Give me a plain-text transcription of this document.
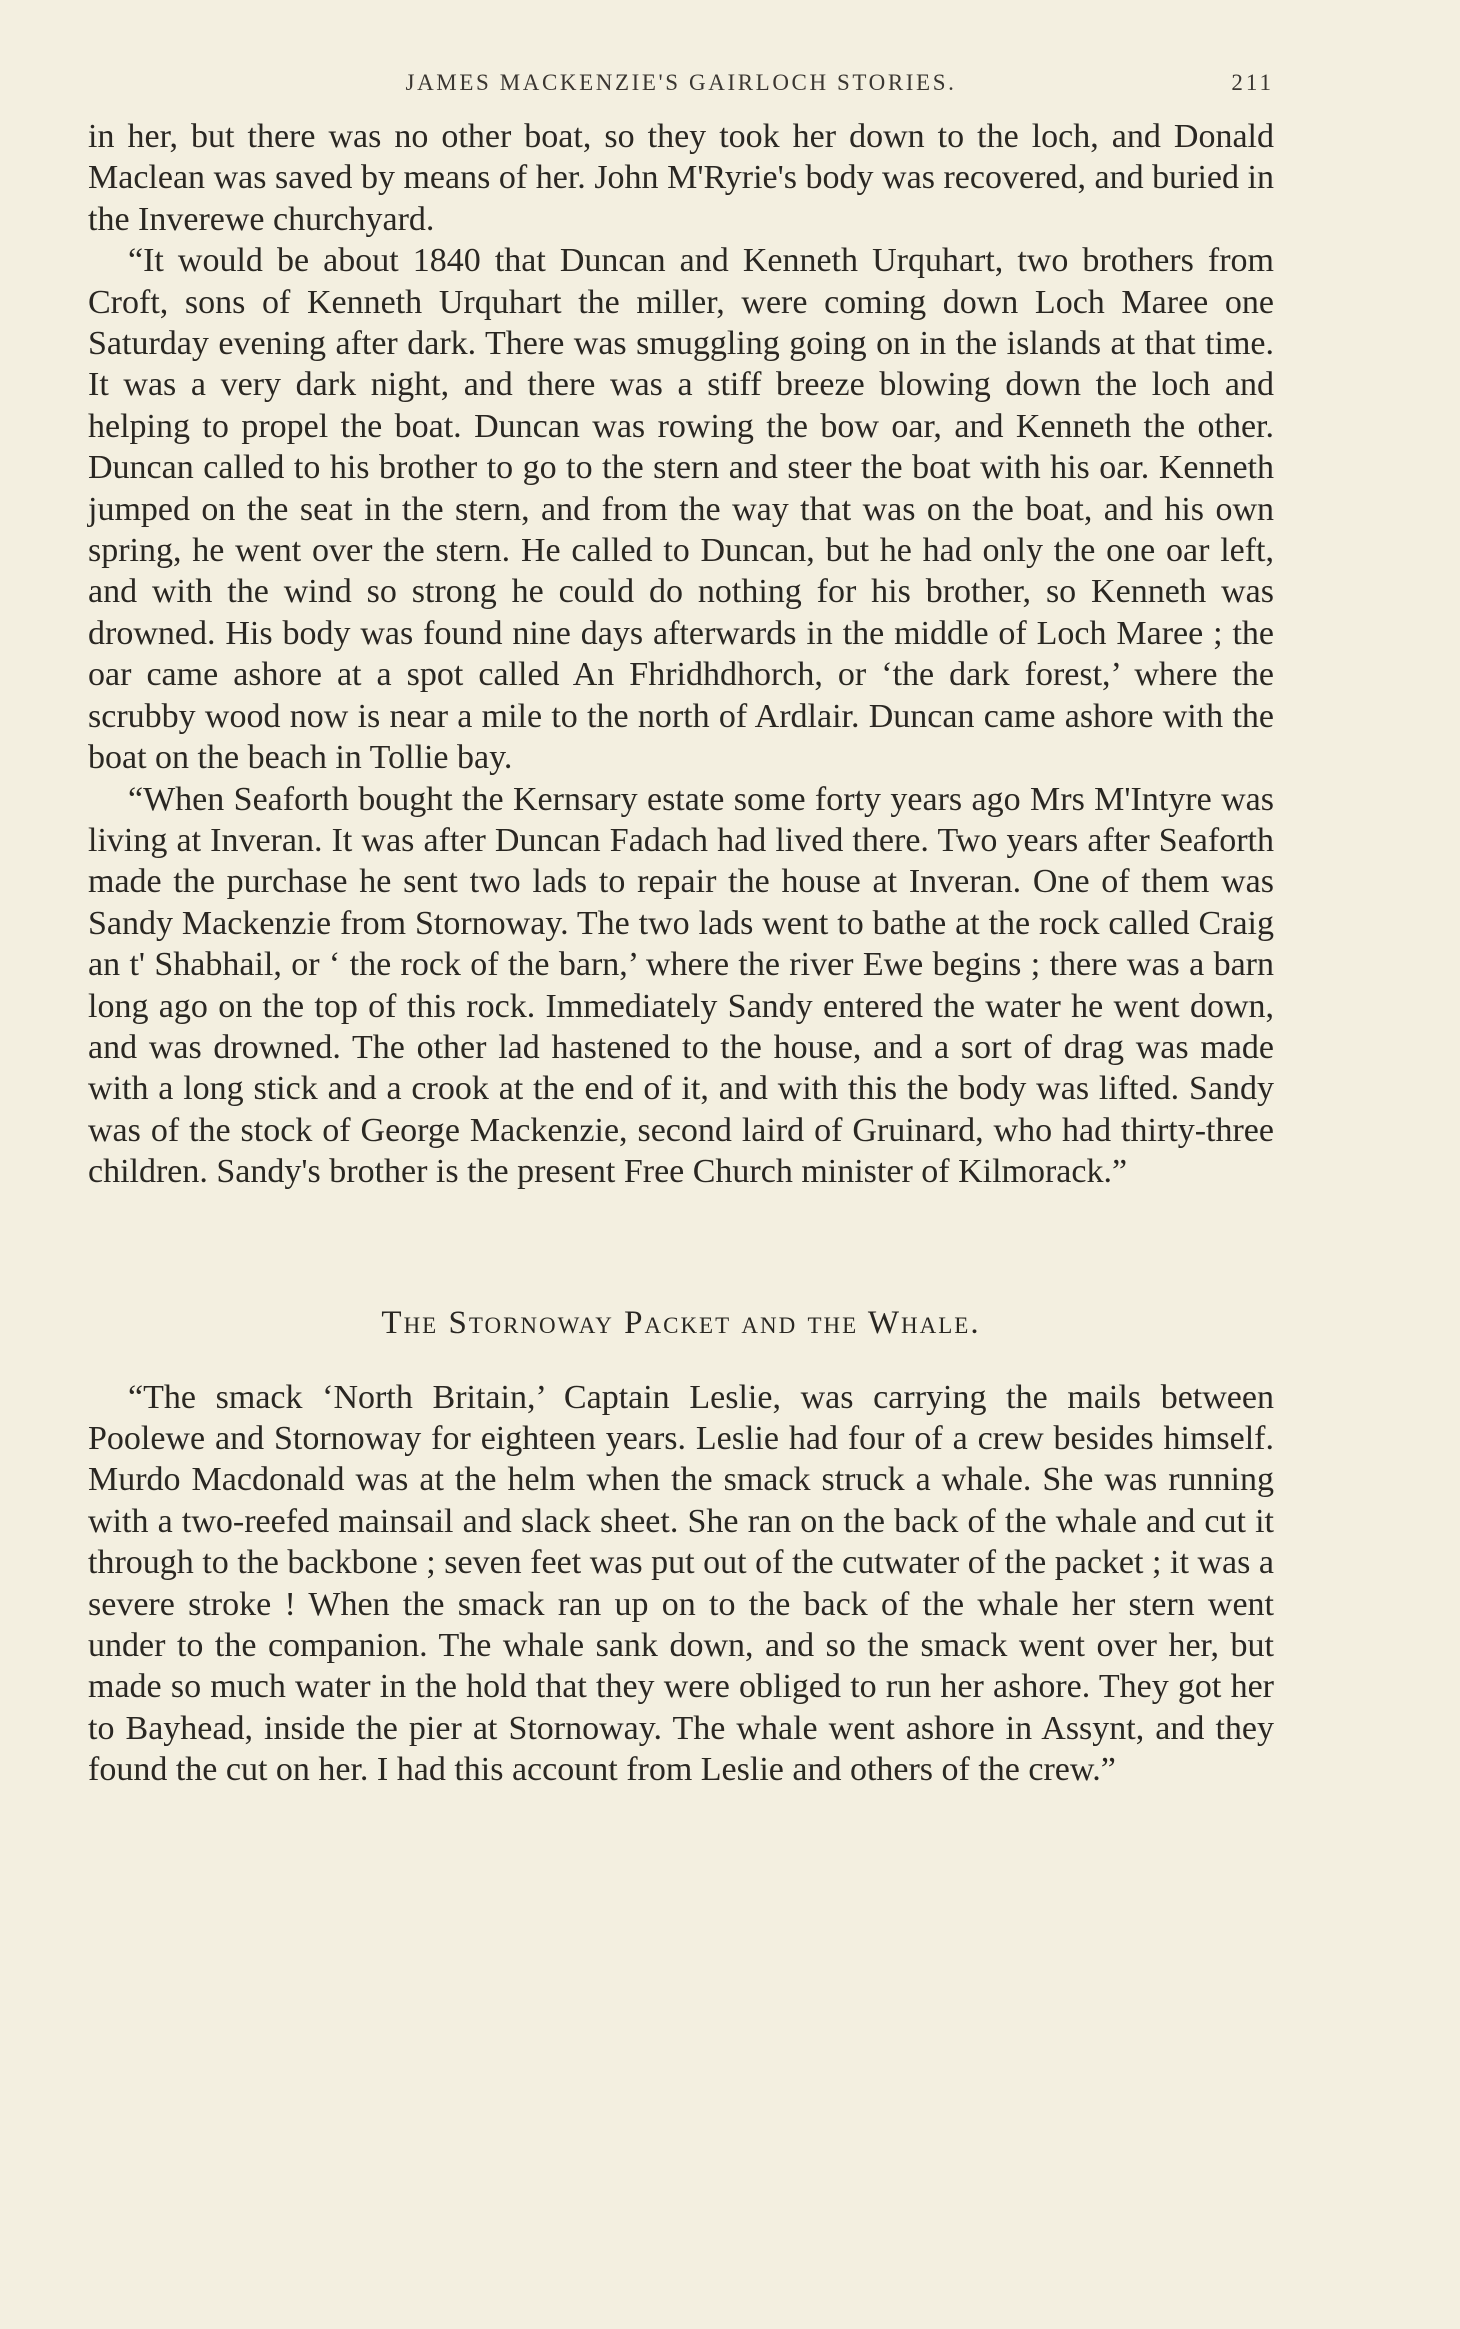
JAMES MACKENZIE'S GAIRLOCH STORIES.	211

in her, but there was no other boat, so they took her down to the loch, and Donald Maclean was saved by means of her. John M'Ryrie's body was recovered, and buried in the Inverewe churchyard.

“It would be about 1840 that Duncan and Kenneth Urquhart, two brothers from Croft, sons of Kenneth Urquhart the miller, were coming down Loch Maree one Saturday evening after dark. There was smuggling going on in the islands at that time. It was a very dark night, and there was a stiff breeze blowing down the loch and helping to propel the boat. Duncan was rowing the bow oar, and Kenneth the other. Duncan called to his brother to go to the stern and steer the boat with his oar. Kenneth jumped on the seat in the stern, and from the way that was on the boat, and his own spring, he went over the stern. He called to Duncan, but he had only the one oar left, and with the wind so strong he could do nothing for his brother, so Kenneth was drowned. His body was found nine days afterwards in the middle of Loch Maree ; the oar came ashore at a spot called An Fhridhdhorch, or ‘the dark forest,’ where the scrubby wood now is near a mile to the north of Ardlair. Duncan came ashore with the boat on the beach in Tollie bay.

“When Seaforth bought the Kernsary estate some forty years ago Mrs M'Intyre was living at Inveran. It was after Duncan Fadach had lived there. Two years after Seaforth made the purchase he sent two lads to repair the house at Inveran. One of them was Sandy Mackenzie from Stornoway. The two lads went to bathe at the rock called Craig an t' Shabhail, or ‘ the rock of the barn,’ where the river Ewe begins ; there was a barn long ago on the top of this rock. Immediately Sandy entered the water he went down, and was drowned. The other lad hastened to the house, and a sort of drag was made with a long stick and a crook at the end of it, and with this the body was lifted. Sandy was of the stock of George Mackenzie, second laird of Gruinard, who had thirty-three children. Sandy's brother is the present Free Church minister of Kilmorack.”

The Stornoway Packet and the Whale.

“The smack ‘North Britain,’ Captain Leslie, was carrying the mails between Poolewe and Stornoway for eighteen years. Leslie had four of a crew besides himself. Murdo Macdonald was at the helm when the smack struck a whale. She was running with a two-reefed mainsail and slack sheet. She ran on the back of the whale and cut it through to the backbone ; seven feet was put out of the cutwater of the packet ; it was a severe stroke ! When the smack ran up on to the back of the whale her stern went under to the companion. The whale sank down, and so the smack went over her, but made so much water in the hold that they were obliged to run her ashore. They got her to Bayhead, inside the pier at Stornoway. The whale went ashore in Assynt, and they found the cut on her. I had this account from Leslie and others of the crew.”
